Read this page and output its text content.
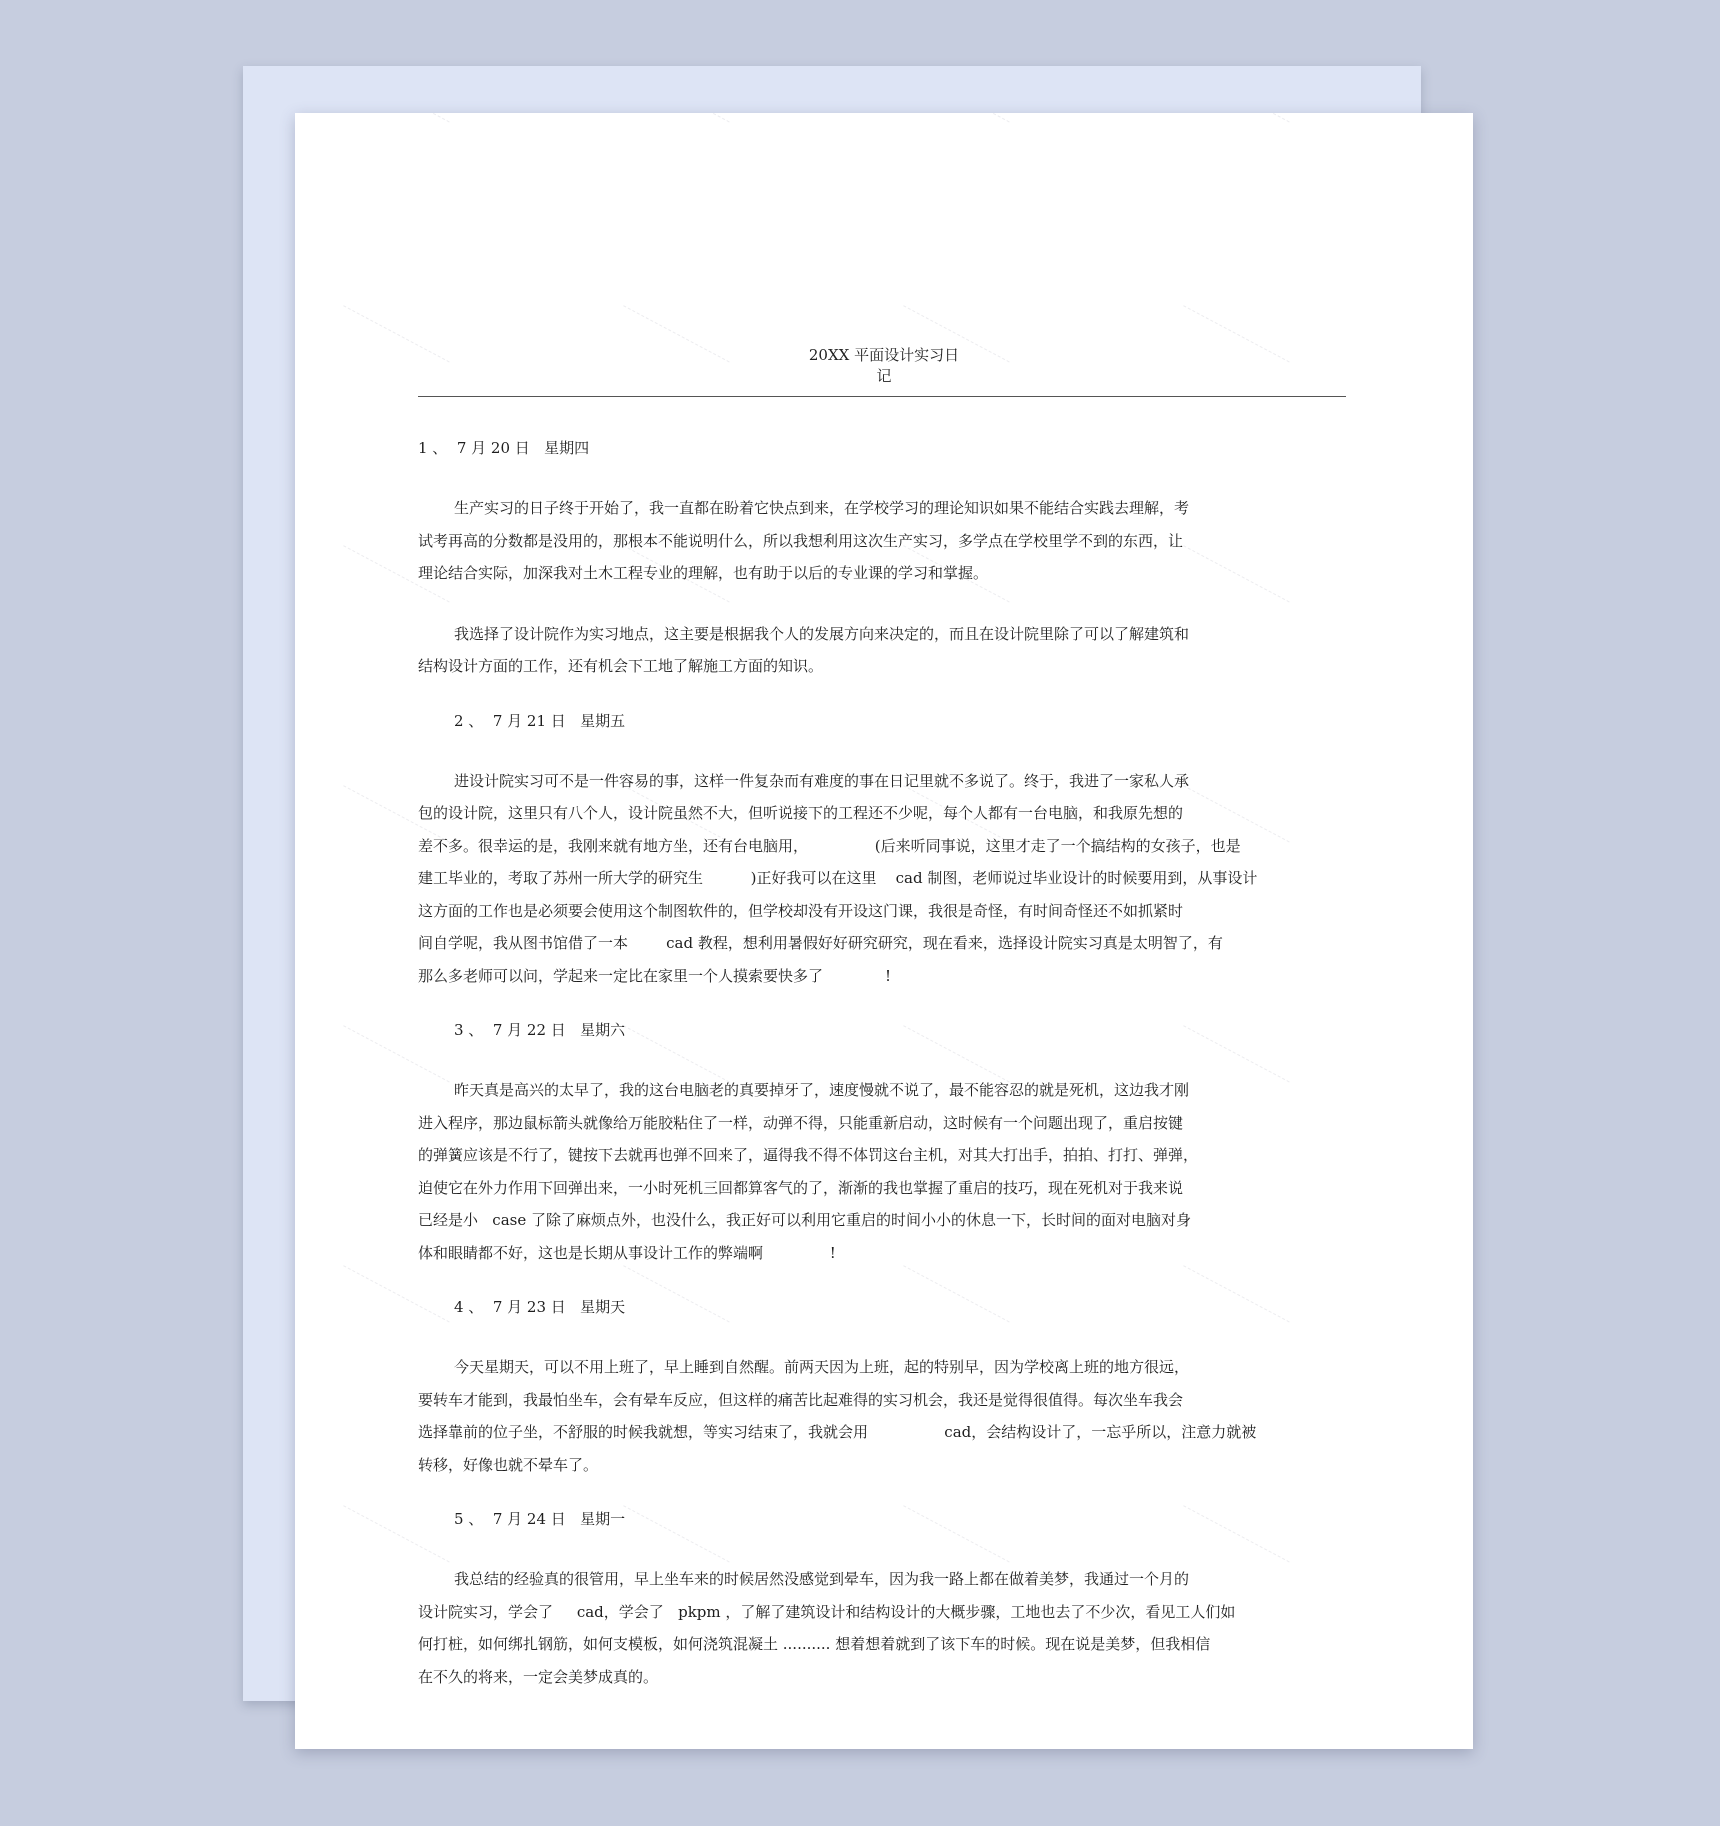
20XX 平面设计实习日
记
1 、  7 月 20 日   星期四
生产实习的日子终于开始了，我一直都在盼着它快点到来，在学校学习的理论知识如果不能结合实践去理解，考
试考再高的分数都是没用的，那根本不能说明什么，所以我想利用这次生产实习，多学点在学校里学不到的东西，让
理论结合实际，加深我对土木工程专业的理解，也有助于以后的专业课的学习和掌握。
我选择了设计院作为实习地点，这主要是根据我个人的发展方向来决定的，而且在设计院里除了可以了解建筑和
结构设计方面的工作，还有机会下工地了解施工方面的知识。
2 、  7 月 21 日   星期五
进设计院实习可不是一件容易的事，这样一件复杂而有难度的事在日记里就不多说了。终于，我进了一家私人承
包的设计院，这里只有八个人，设计院虽然不大，但听说接下的工程还不少呢，每个人都有一台电脑，和我原先想的
差不多。很幸运的是，我刚来就有地方坐，还有台电脑用，              (后来听同事说，这里才走了一个搞结构的女孩子，也是
建工毕业的，考取了苏州一所大学的研究生          )正好我可以在这里    cad 制图，老师说过毕业设计的时候要用到，从事设计
这方面的工作也是必须要会使用这个制图软件的，但学校却没有开设这门课，我很是奇怪，有时间奇怪还不如抓紧时
间自学呢，我从图书馆借了一本        cad 教程，想利用暑假好好研究研究，现在看来，选择设计院实习真是太明智了，有
那么多老师可以问，学起来一定比在家里一个人摸索要快多了             !
3 、  7 月 22 日   星期六
昨天真是高兴的太早了，我的这台电脑老的真要掉牙了，速度慢就不说了，最不能容忍的就是死机，这边我才刚
进入程序，那边鼠标箭头就像给万能胶粘住了一样，动弹不得，只能重新启动，这时候有一个问题出现了，重启按键
的弹簧应该是不行了，键按下去就再也弹不回来了，逼得我不得不体罚这台主机，对其大打出手，拍拍、打打、弹弹，
迫使它在外力作用下回弹出来，一小时死机三回都算客气的了，渐渐的我也掌握了重启的技巧，现在死机对于我来说
已经是小   case 了除了麻烦点外，也没什么，我正好可以利用它重启的时间小小的休息一下，长时间的面对电脑对身
体和眼睛都不好，这也是长期从事设计工作的弊端啊              !
4 、  7 月 23 日   星期天
今天星期天，可以不用上班了，早上睡到自然醒。前两天因为上班，起的特别早，因为学校离上班的地方很远，
要转车才能到，我最怕坐车，会有晕车反应，但这样的痛苦比起难得的实习机会，我还是觉得很值得。每次坐车我会
选择靠前的位子坐，不舒服的时候我就想，等实习结束了，我就会用                cad，会结构设计了，一忘乎所以，注意力就被
转移，好像也就不晕车了。
5 、  7 月 24 日   星期一
我总结的经验真的很管用，早上坐车来的时候居然没感觉到晕车，因为我一路上都在做着美梦，我通过一个月的
设计院实习，学会了     cad，学会了   pkpm ，了解了建筑设计和结构设计的大概步骤，工地也去了不少次，看见工人们如
何打桩，如何绑扎钢筋，如何支模板，如何浇筑混凝土 .......... 想着想着就到了该下车的时候。现在说是美梦，但我相信
在不久的将来，一定会美梦成真的。
